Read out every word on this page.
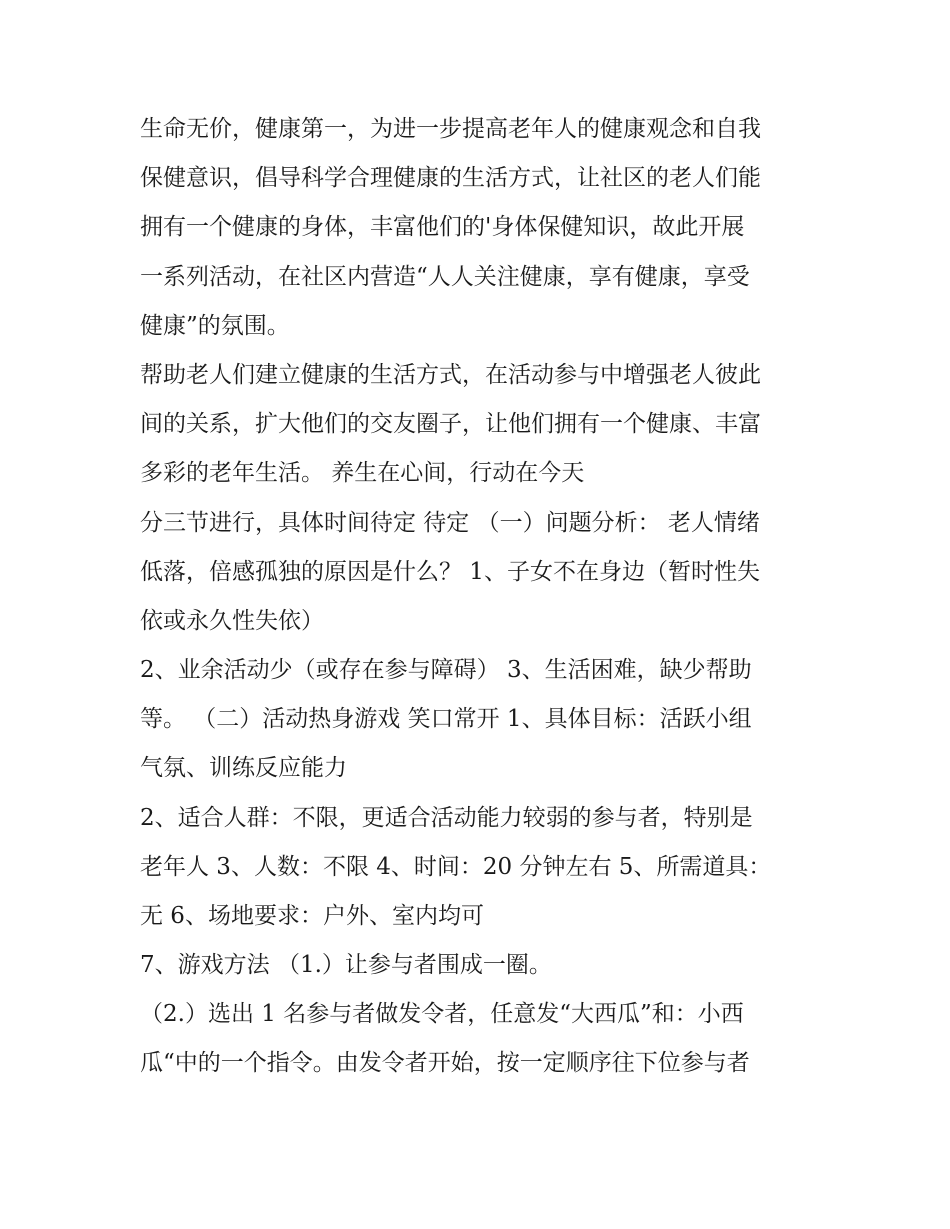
生命无价，健康第一，为进一步提高老年人的健康观念和自我
保健意识，倡导科学合理健康的生活方式，让社区的老人们能
拥有一个健康的身体，丰富他们的'身体保健知识，故此开展
一系列活动，在社区内营造“人人关注健康，享有健康，享受
健康”的氛围。
帮助老人们建立健康的生活方式，在活动参与中增强老人彼此
间的关系，扩大他们的交友圈子，让他们拥有一个健康、丰富
多彩的老年生活。 养生在心间，行动在今天
分三节进行，具体时间待定 待定 （一）问题分析： 老人情绪
低落，倍感孤独的原因是什么？ 1、子女不在身边（暂时性失
依或永久性失依）
2、业余活动少（或存在参与障碍） 3、生活困难，缺少帮助
等。 （二）活动热身游戏 笑口常开 1、具体目标：活跃小组
气氛、训练反应能力
2、适合人群：不限，更适合活动能力较弱的参与者，特别是
老年人 3、人数：不限 4、时间：20 分钟左右 5、所需道具：
无 6、场地要求：户外、室内均可
7、游戏方法 （1.）让参与者围成一圈。
（2.）选出 1 名参与者做发令者，任意发“大西瓜”和：小西
瓜“中的一个指令。由发令者开始，按一定顺序往下位参与者
